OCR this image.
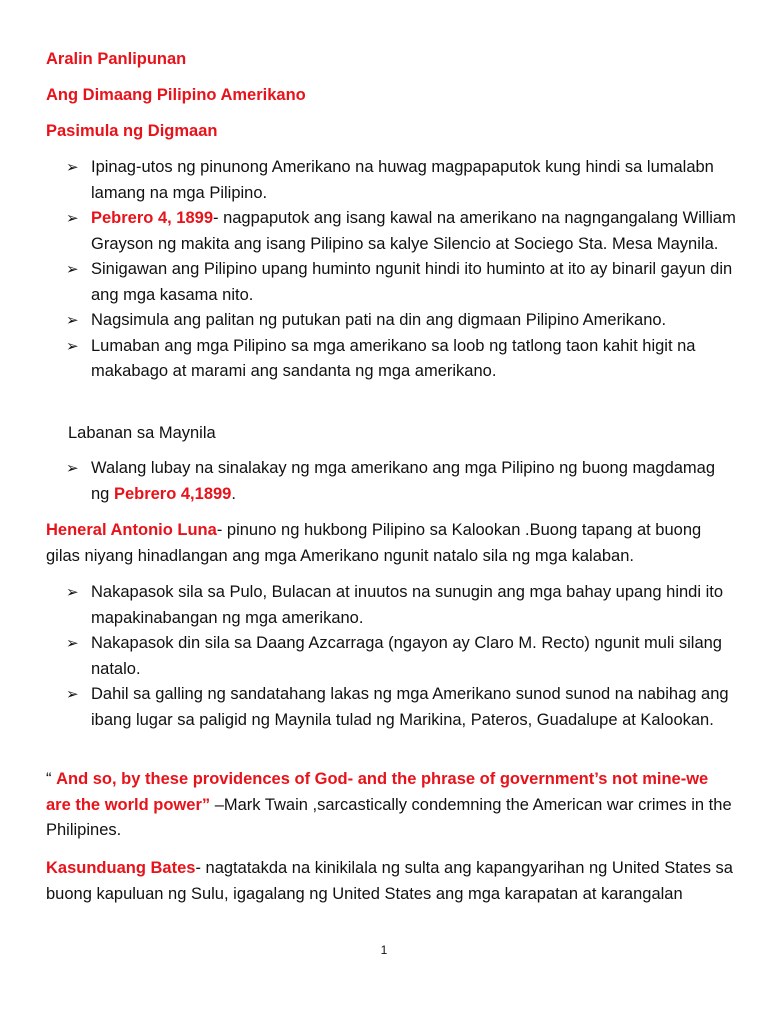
Aralin Panlipunan
Ang Dimaang Pilipino Amerikano
Pasimula ng Digmaan
➢ Ipinag-utos ng pinunong Amerikano na huwag magpapaputok kung hindi sa lumalabn lamang na mga Pilipino.
➢ Pebrero 4, 1899- nagpaputok ang isang kawal na amerikano na nagngangalang William Grayson ng makita ang isang Pilipino sa kalye Silencio at Sociego Sta. Mesa Maynila.
➢ Sinigawan ang Pilipino upang huminto ngunit hindi ito huminto at ito ay binaril gayun din ang mga kasama nito.
➢ Nagsimula ang palitan ng putukan pati na din ang digmaan Pilipino Amerikano.
➢ Lumaban ang mga Pilipino sa mga amerikano sa loob ng tatlong taon kahit higit na makabago at marami ang sandanta ng mga amerikano.
Labanan sa Maynila
➢ Walang lubay na sinalakay ng mga amerikano ang mga Pilipino ng buong magdamag ng Pebrero 4,1899.
Heneral Antonio Luna- pinuno ng hukbong Pilipino sa Kalookan .Buong tapang at buong gilas niyang hinadlangan ang mga Amerikano ngunit natalo sila ng mga kalaban.
➢ Nakapasok sila sa Pulo, Bulacan at inuutos na sunugin ang mga bahay upang hindi ito mapakinabangan ng mga amerikano.
➢ Nakapasok din sila sa Daang Azcarraga (ngayon ay Claro M. Recto) ngunit muli silang natalo.
➢ Dahil sa galling ng sandatahang lakas ng mga Amerikano sunod sunod na nabihag ang ibang lugar sa paligid ng Maynila tulad ng Marikina, Pateros, Guadalupe at Kalookan.
“ And so, by these providences of God- and the phrase of government’s not mine-we are the world power” –Mark Twain ,sarcastically condemning the American war crimes in the Philipines.
Kasunduang Bates- nagtatakda na kinikilala ng sulta ang kapangyarihan ng United States sa buong kapuluan ng Sulu, igagalang ng United States ang mga karapatan at karangalan
1
